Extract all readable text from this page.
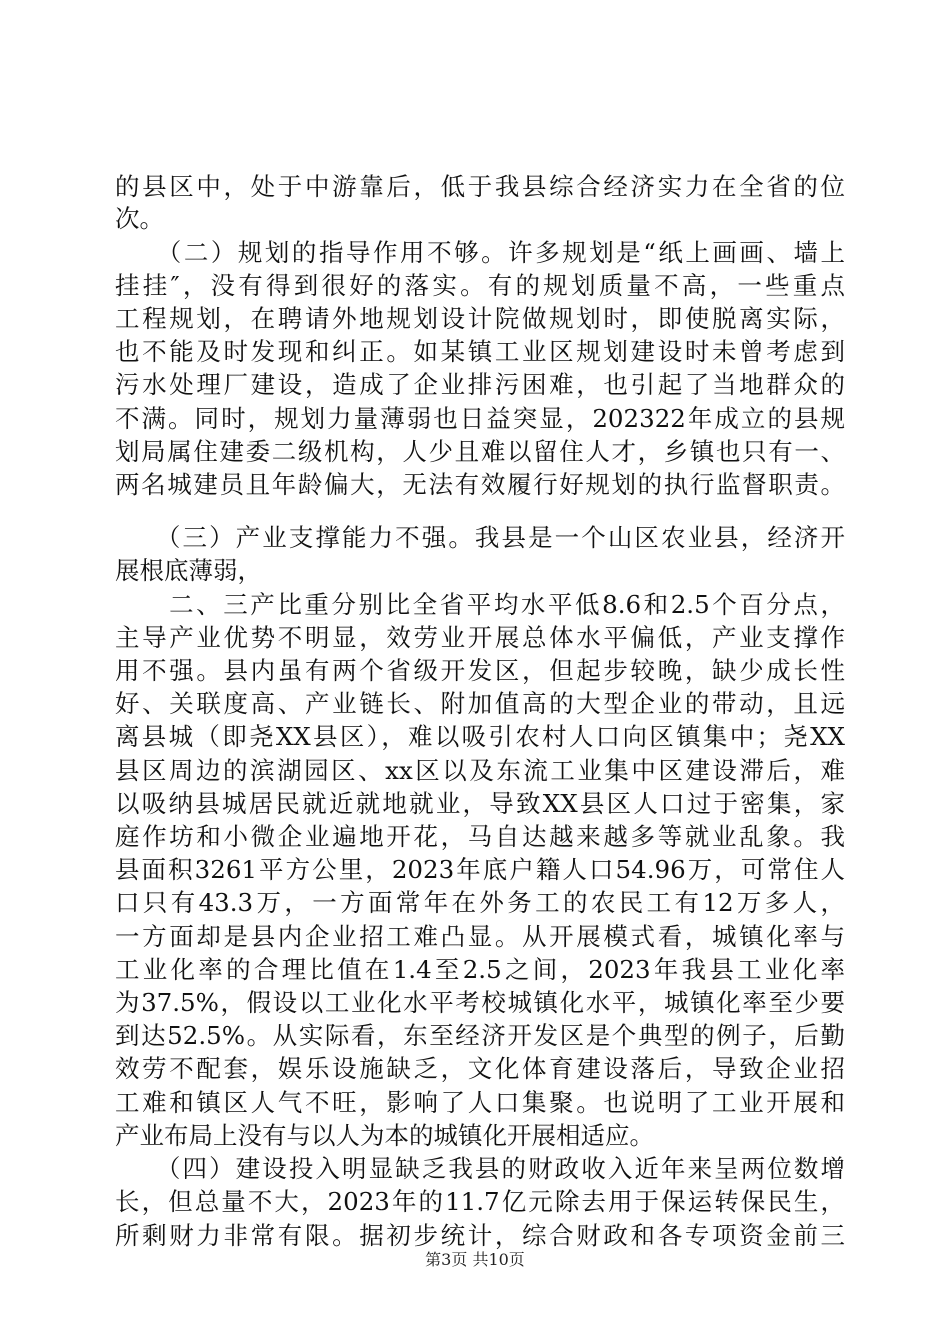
的县区中，处于中游靠后，低于我县综合经济实力在全省的位
次。
　　（二）规划的指导作用不够。许多规划是“纸上画画、墙上
挂挂″，没有得到很好的落实。有的规划质量不高，一些重点
工程规划，在聘请外地规划设计院做规划时，即使脱离实际，
也不能及时发现和纠正。如某镇工业区规划建设时未曾考虑到
污水处理厂建设，造成了企业排污困难，也引起了当地群众的
不满。同时，规划力量薄弱也日益突显，202322年成立的县规
划局属住建委二级机构，人少且难以留住人才，乡镇也只有一、
两名城建员且年龄偏大，无法有效履行好规划的执行监督职责。
　　（三）产业支撑能力不强。我县是一个山区农业县，经济开
展根底薄弱，
　　二、三产比重分别比全省平均水平低8.6和2.5个百分点，
主导产业优势不明显，效劳业开展总体水平偏低，产业支撑作
用不强。县内虽有两个省级开发区，但起步较晚，缺少成长性
好、关联度高、产业链长、附加值高的大型企业的带动，且远
离县城（即尧XX县区），难以吸引农村人口向区镇集中；尧XX
县区周边的滨湖园区、xx区以及东流工业集中区建设滞后，难
以吸纳县城居民就近就地就业，导致XX县区人口过于密集，家
庭作坊和小微企业遍地开花，马自达越来越多等就业乱象。我
县面积3261平方公里，2023年底户籍人口54.96万，可常住人
口只有43.3万，一方面常年在外务工的农民工有12万多人，
一方面却是县内企业招工难凸显。从开展模式看，城镇化率与
工业化率的合理比值在1.4至2.5之间，2023年我县工业化率
为37.5%，假设以工业化水平考校城镇化水平，城镇化率至少要
到达52.5%。从实际看，东至经济开发区是个典型的例子，后勤
效劳不配套，娱乐设施缺乏，文化体育建设落后，导致企业招
工难和镇区人气不旺，影响了人口集聚。也说明了工业开展和
产业布局上没有与以人为本的城镇化开展相适应。
第3页 共10页
　　（四）建设投入明显缺乏我县的财政收入近年来呈两位数增
长，但总量不大，2023年的11.7亿元除去用于保运转保民生，
所剩财力非常有限。据初步统计，综合财政和各专项资金前三
